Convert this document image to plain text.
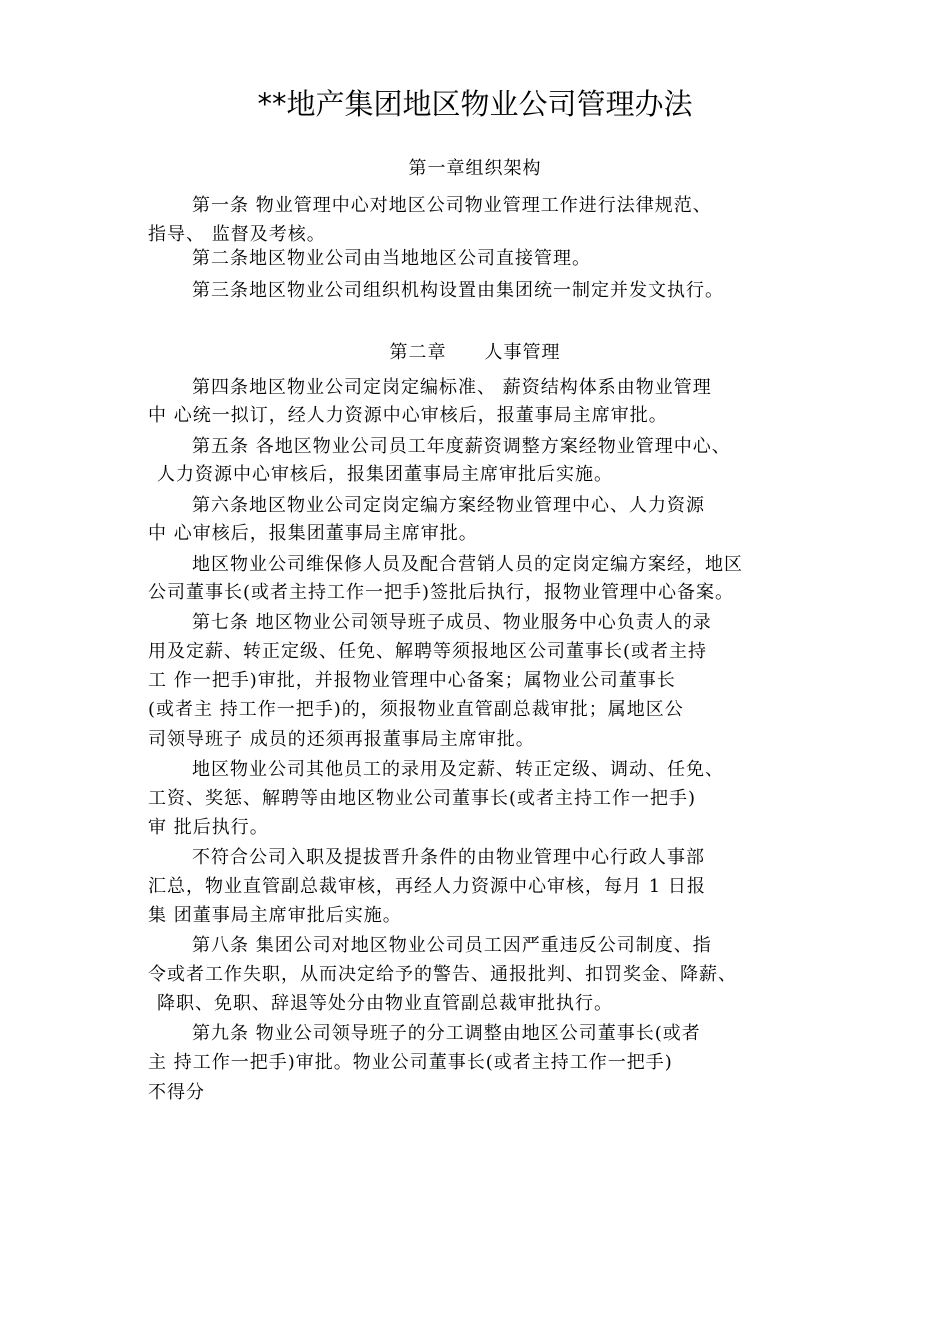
**地产集团地区物业公司管理办法
第一章组织架构
第一条 物业管理中心对地区公司物业管理工作进行法律规范、
指导、 监督及考核。
第二条地区物业公司由当地地区公司直接管理。
第三条地区物业公司组织机构设置由集团统一制定并发文执行。
第二章　　人事管理
第四条地区物业公司定岗定编标准、 薪资结构体系由物业管理
中 心统一拟订，经人力资源中心审核后，报董事局主席审批。
第五条 各地区物业公司员工年度薪资调整方案经物业管理中心、
人力资源中心审核后，报集团董事局主席审批后实施。
第六条地区物业公司定岗定编方案经物业管理中心、人力资源
中 心审核后，报集团董事局主席审批。
地区物业公司维保修人员及配合营销人员的定岗定编方案经，地区
公司董事长(或者主持工作一把手)签批后执行，报物业管理中心备案。
第七条 地区物业公司领导班子成员、物业服务中心负责人的录
用及定薪、转正定级、任免、解聘等须报地区公司董事长(或者主持
工 作一把手)审批，并报物业管理中心备案；属物业公司董事长
(或者主 持工作一把手)的，须报物业直管副总裁审批；属地区公
司领导班子 成员的还须再报董事局主席审批。
地区物业公司其他员工的录用及定薪、转正定级、调动、任免、
工资、奖惩、解聘等由地区物业公司董事长(或者主持工作一把手)
审 批后执行。
不符合公司入职及提拔晋升条件的由物业管理中心行政人事部
汇总，物业直管副总裁审核，再经人力资源中心审核，每月 1 日报
集 团董事局主席审批后实施。
第八条 集团公司对地区物业公司员工因严重违反公司制度、指
令或者工作失职，从而决定给予的警告、通报批判、扣罚奖金、降薪、
降职、免职、辞退等处分由物业直管副总裁审批执行。
第九条 物业公司领导班子的分工调整由地区公司董事长(或者
主 持工作一把手)审批。物业公司董事长(或者主持工作一把手)
不得分
